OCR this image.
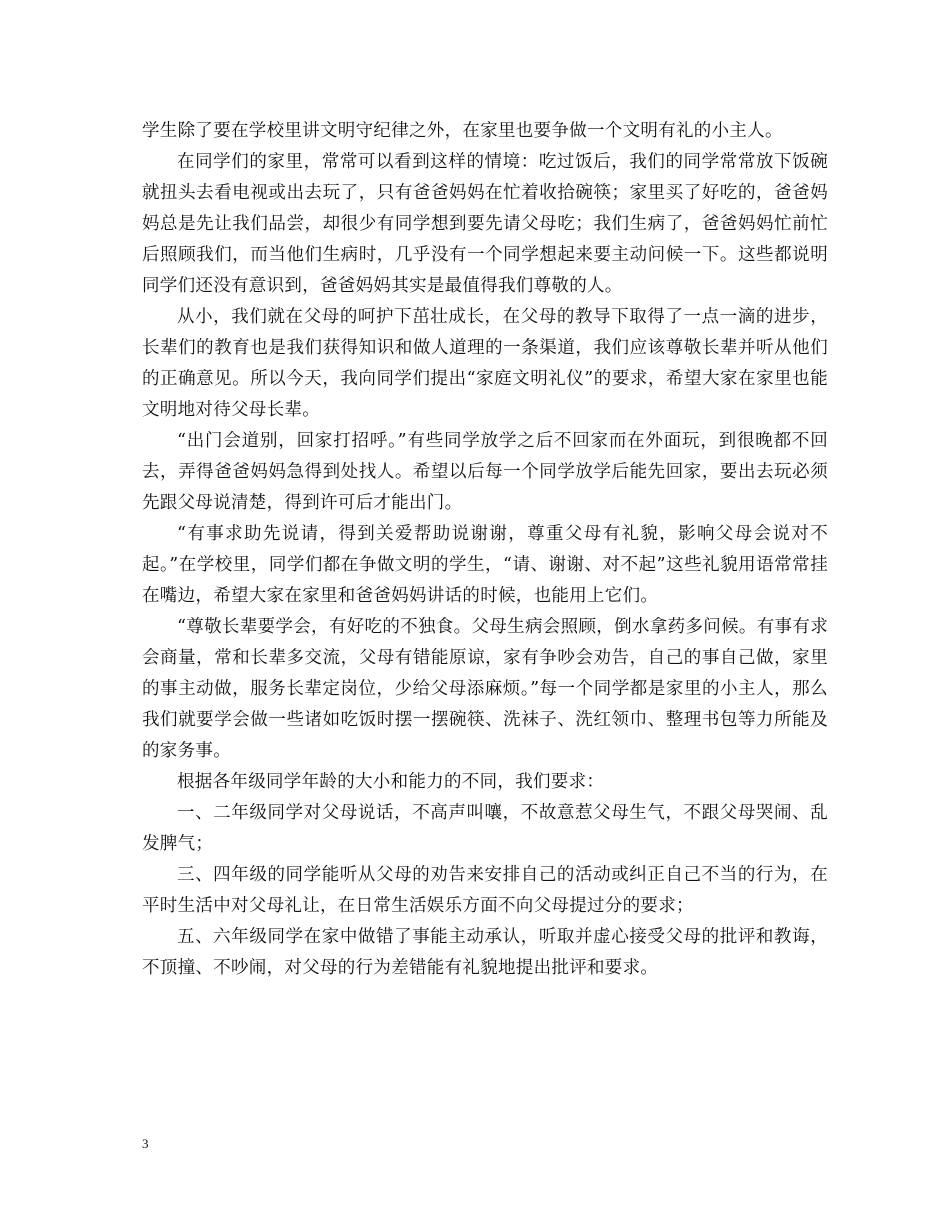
学生除了要在学校里讲文明守纪律之外，在家里也要争做一个文明有礼的小主人。

在同学们的家里，常常可以看到这样的情境：吃过饭后，我们的同学常常放下饭碗就扭头去看电视或出去玩了，只有爸爸妈妈在忙着收拾碗筷；家里买了好吃的，爸爸妈妈总是先让我们品尝，却很少有同学想到要先请父母吃；我们生病了，爸爸妈妈忙前忙后照顾我们，而当他们生病时，几乎没有一个同学想起来要主动问候一下。这些都说明同学们还没有意识到，爸爸妈妈其实是最值得我们尊敬的人。

从小，我们就在父母的呵护下茁壮成长，在父母的教导下取得了一点一滴的进步，长辈们的教育也是我们获得知识和做人道理的一条渠道，我们应该尊敬长辈并听从他们的正确意见。所以今天，我向同学们提出“家庭文明礼仪”的要求，希望大家在家里也能文明地对待父母长辈。

“出门会道别，回家打招呼。”有些同学放学之后不回家而在外面玩，到很晚都不回去，弄得爸爸妈妈急得到处找人。希望以后每一个同学放学后能先回家，要出去玩必须先跟父母说清楚，得到许可后才能出门。

“有事求助先说请，得到关爱帮助说谢谢，尊重父母有礼貌，影响父母会说对不起。”在学校里，同学们都在争做文明的学生，“请、谢谢、对不起”这些礼貌用语常常挂在嘴边，希望大家在家里和爸爸妈妈讲话的时候，也能用上它们。

“尊敬长辈要学会，有好吃的不独食。父母生病会照顾，倒水拿药多问候。有事有求会商量，常和长辈多交流，父母有错能原谅，家有争吵会劝告，自己的事自己做，家里的事主动做，服务长辈定岗位，少给父母添麻烦。”每一个同学都是家里的小主人，那么我们就要学会做一些诸如吃饭时摆一摆碗筷、洗袜子、洗红领巾、整理书包等力所能及的家务事。

根据各年级同学年龄的大小和能力的不同，我们要求：

一、二年级同学对父母说话，不高声叫嚷，不故意惹父母生气，不跟父母哭闹、乱发脾气；

三、四年级的同学能听从父母的劝告来安排自己的活动或纠正自己不当的行为，在平时生活中对父母礼让，在日常生活娱乐方面不向父母提过分的要求；

五、六年级同学在家中做错了事能主动承认，听取并虚心接受父母的批评和教诲，不顶撞、不吵闹，对父母的行为差错能有礼貌地提出批评和要求。

3
